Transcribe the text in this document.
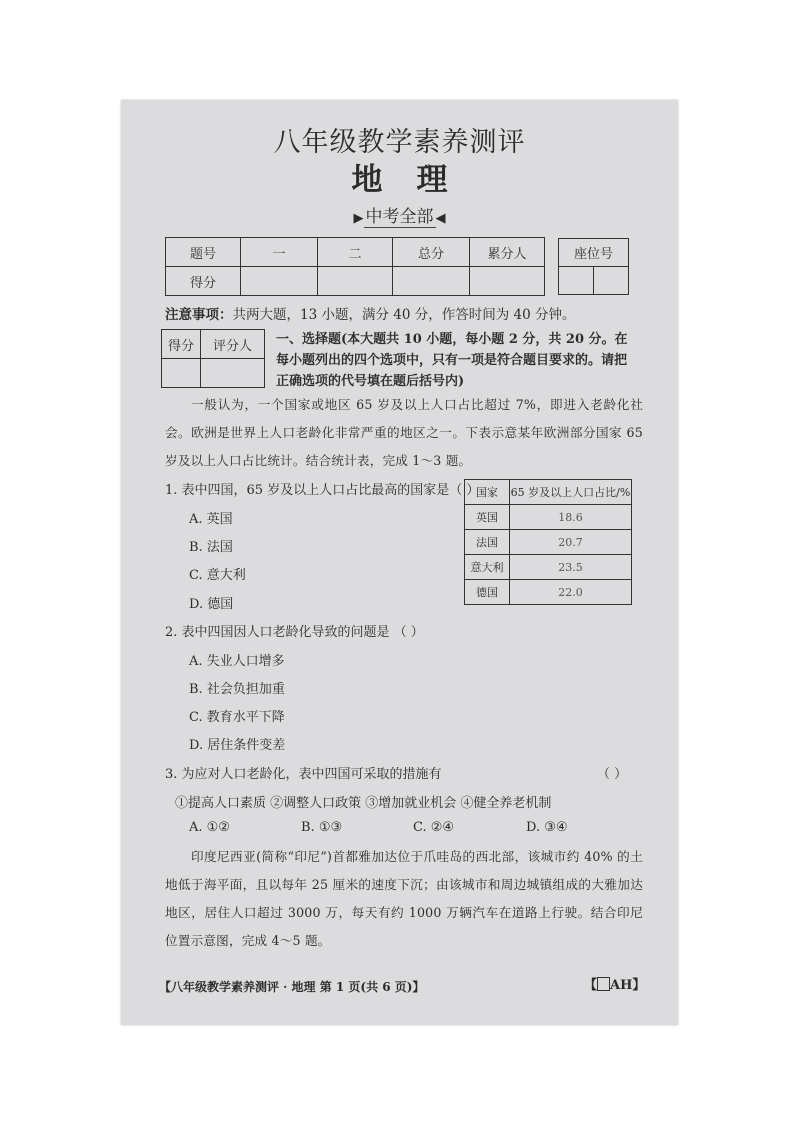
八年级教学素养测评
地理
▶ 中考全部 ◀
题号	一	二	总分	累分人
得分				
座位号

注意事项：共两大题，13 小题，满分 40 分，作答时间为 40 分钟。
得分	评分人
	一、选择题(本大题共 10 小题，每小题 2 分，共 20 分。在每小题列出的四个选项中，只有一项是符合题目要求的。请把正确选项的代号填在题后括号内)
一般认为，一个国家或地区 65 岁及以上人口占比超过 7%，即进入老龄化社会。欧洲是世界上人口老龄化非常严重的地区之一。下表示意某年欧洲部分国家 65 岁及以上人口占比统计。结合统计表，完成 1～3 题。
1. 表中四国，65 岁及以上人口占比最高的国家是（ ）
A. 英国
B. 法国
C. 意大利
D. 德国
国家	65 岁及以上人口占比/%
英国	18.6
法国	20.7
意大利	23.5
德国	22.0
2. 表中四国因人口老龄化导致的问题是 （ ）
A. 失业人口增多
B. 社会负担加重
C. 教育水平下降
D. 居住条件变差
3. 为应对人口老龄化，表中四国可采取的措施有	（ ）
①提高人口素质 ②调整人口政策 ③增加就业机会 ④健全养老机制
A. ①②	B. ①③	C. ②④	D. ③④
印度尼西亚(简称“印尼”)首都雅加达位于爪哇岛的西北部，该城市约 40% 的土地低于海平面，且以每年 25 厘米的速度下沉；由该城市和周边城镇组成的大雅加达地区，居住人口超过 3000 万，每天有约 1000 万辆汽车在道路上行驶。结合印尼位置示意图，完成 4～5 题。
【八年级教学素养测评 · 地理 第 1 页(共 6 页)】	【 AH】
